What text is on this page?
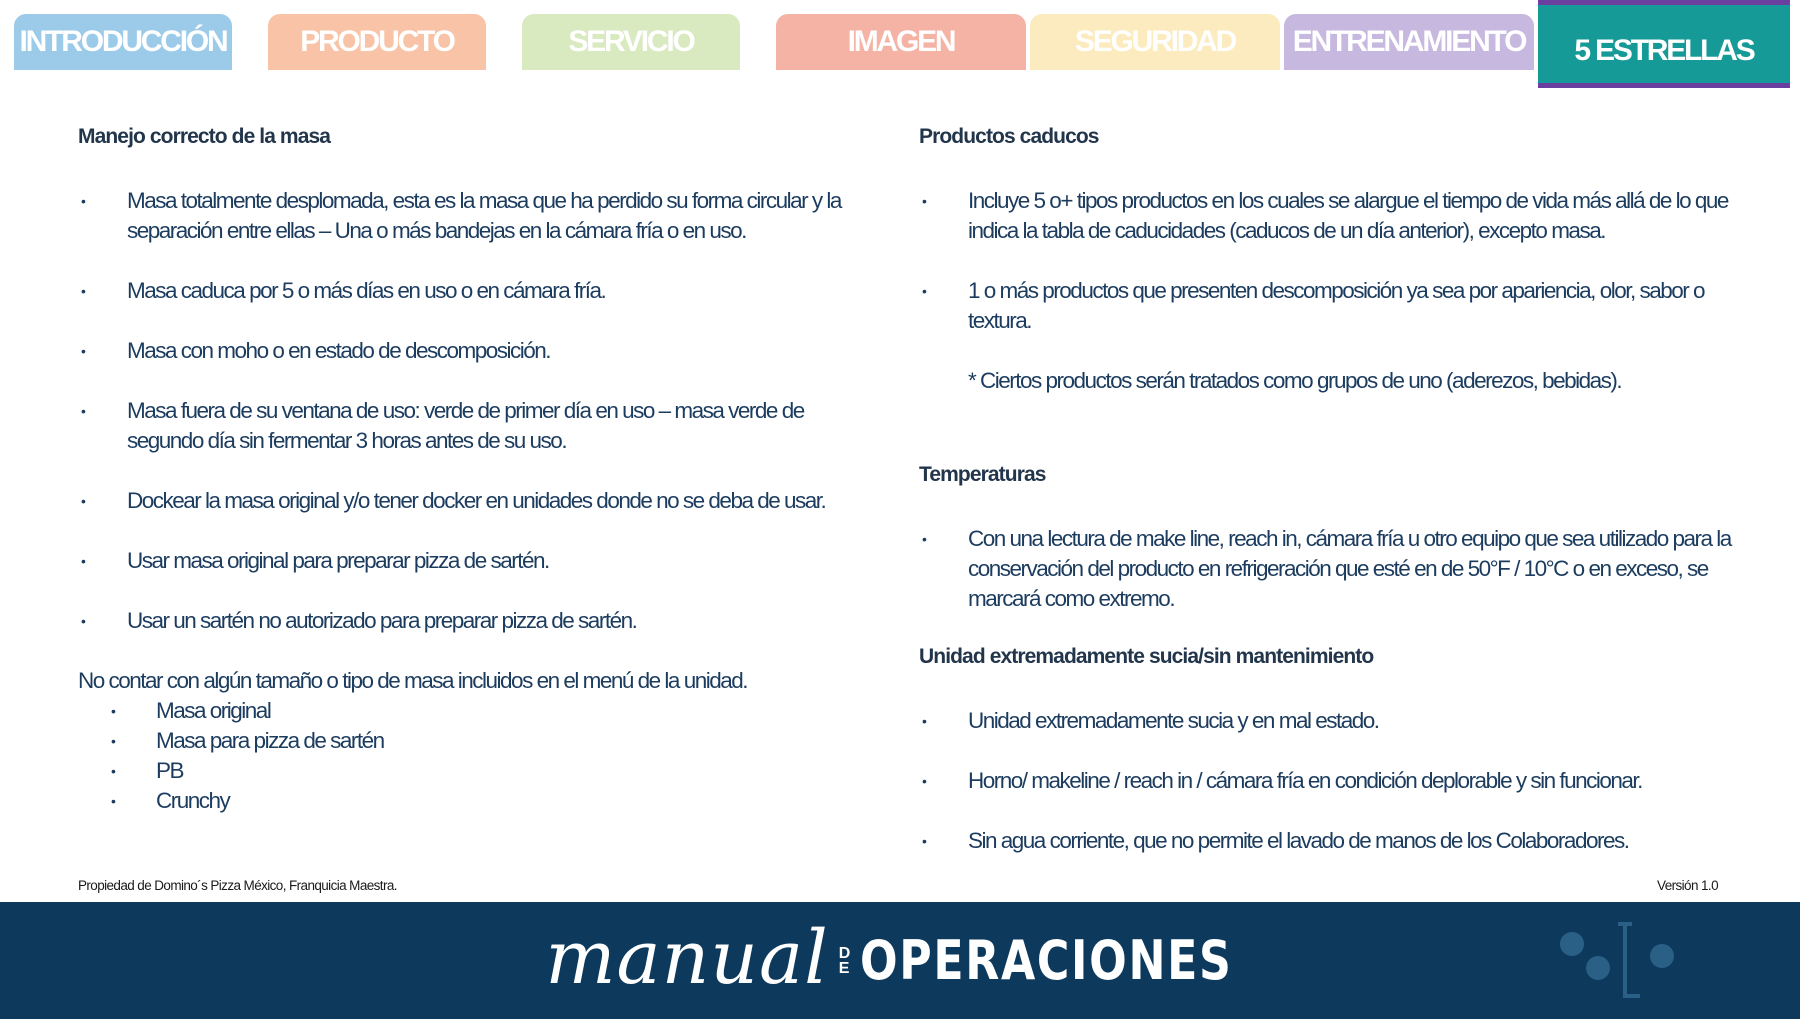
INTRODUCCIÓN	PRODUCTO	SERVICIO	IMAGEN	SEGURIDAD	ENTRENAMIENTO 5 ESTRELLAS
Manejo correcto de la masa
• Masa totalmente desplomada, esta es la masa que ha perdido su forma circular y la separación entre ellas – Una o más bandejas en la cámara fría o en uso.
• Masa caduca por 5 o más días en uso o en cámara fría.
• Masa con moho o en estado de descomposición.
• Masa fuera de su ventana de uso: verde de primer día en uso – masa verde de segundo día sin fermentar 3 horas antes de su uso.
• Dockear la masa original y/o tener docker en unidades donde no se deba de usar.
• Usar masa original para preparar pizza de sartén.
• Usar un sartén no autorizado para preparar pizza de sartén.
No contar con algún tamaño o tipo de masa incluidos en el menú de la unidad.
• Masa original
• Masa para pizza de sartén
• PB
• Crunchy
Productos caducos
• Incluye 5 o+ tipos productos en los cuales se alargue el tiempo de vida más allá de lo que indica la tabla de caducidades (caducos de un día anterior), excepto masa.
• 1 o más productos que presenten descomposición ya sea por apariencia, olor, sabor o textura.
* Ciertos productos serán tratados como grupos de uno (aderezos, bebidas).
Temperaturas
• Con una lectura de make line, reach in, cámara fría u otro equipo que sea utilizado para la conservación del producto en refrigeración que esté en de 50°F / 10°C o en exceso, se marcará como extremo.
Unidad extremadamente sucia/sin mantenimiento
• Unidad extremadamente sucia y en mal estado.
• Horno/ makeline / reach in / cámara fría en condición deplorable y sin funcionar.
• Sin agua corriente, que no permite el lavado de manos de los Colaboradores.
Propiedad de Domino´s Pizza México, Franquicia Maestra.	Versión 1.0
manual D
E OPERACIONES
